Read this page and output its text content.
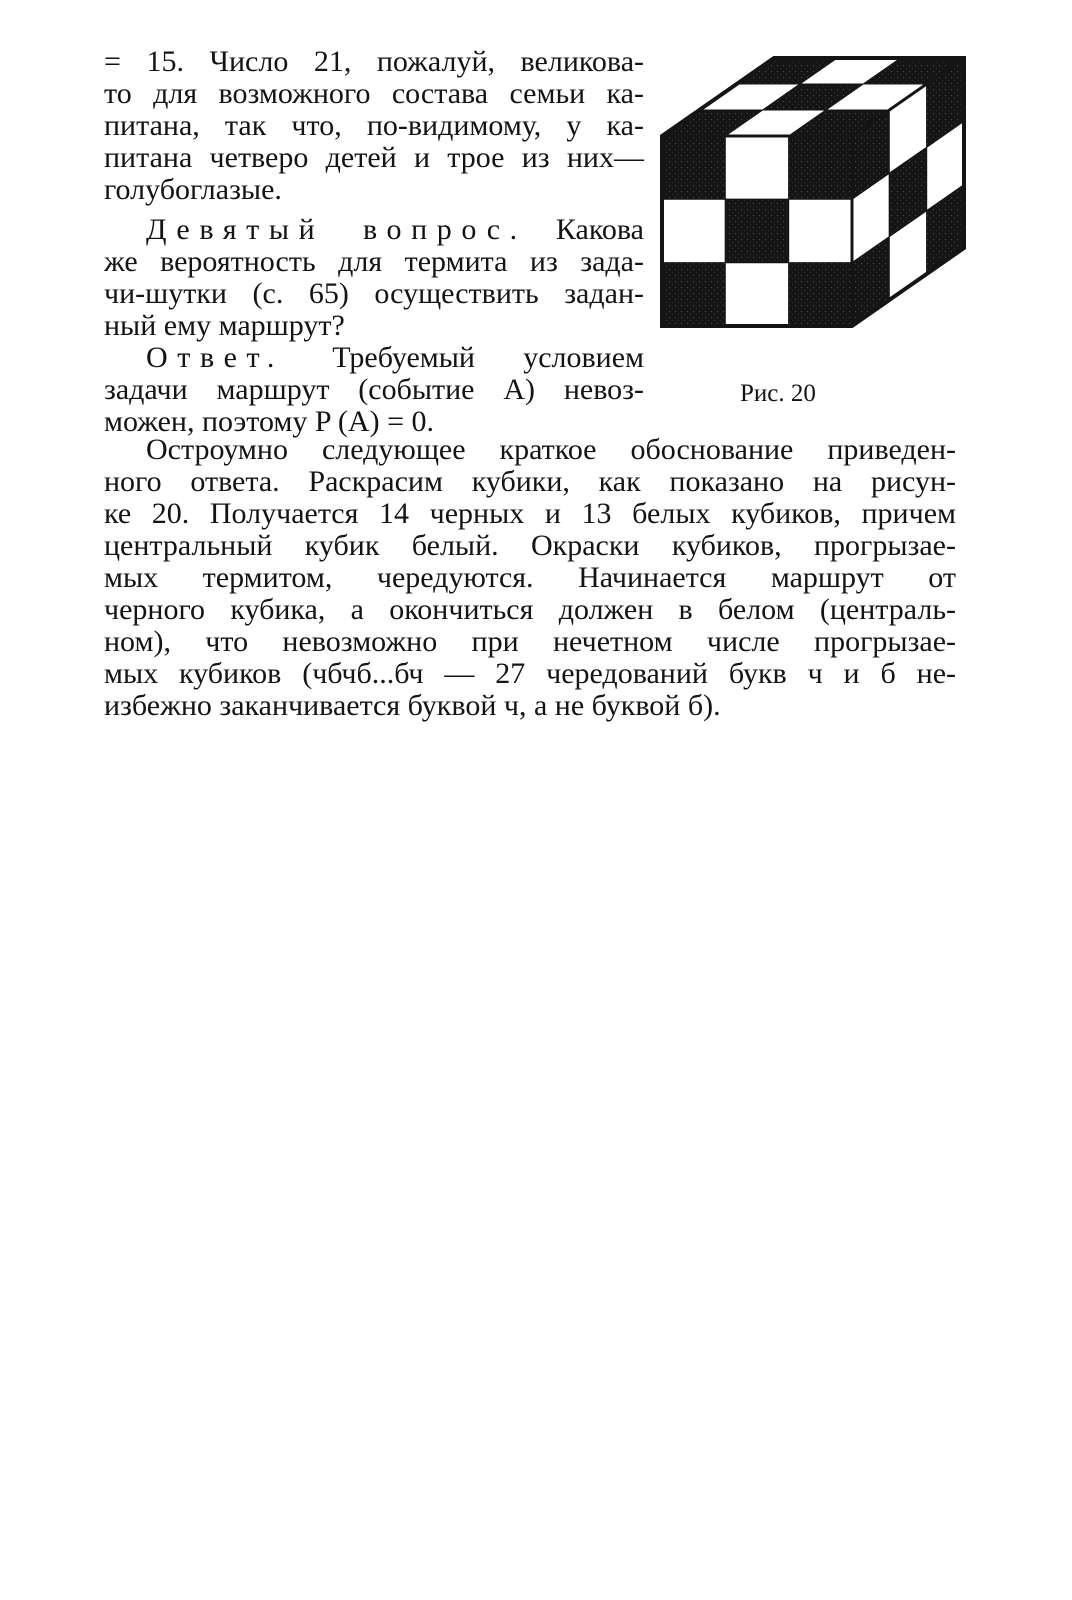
= 15. Число 21, пожалуй, великова-
то для возможного состава семьи ка-
питана, так что, по-видимому, у ка-
питана четверо детей и трое из них—
голубоглазые.
Девятый вопрос. Какова
же вероятность для термита из зада-
чи-шутки (с. 65) осуществить задан-
ный ему маршрут?
Ответ. Требуемый условием
задачи маршрут (событие A) невоз-
можен, поэтому P (A) = 0.
Рис. 20
Остроумно следующее краткое обоснование приведен-
ного ответа. Раскрасим кубики, как показано на рисун-
ке 20. Получается 14 черных и 13 белых кубиков, причем
центральный кубик белый. Окраски кубиков, прогрызае-
мых термитом, чередуются. Начинается маршрут от
черного кубика, а окончиться должен в белом (централь-
ном), что невозможно при нечетном числе прогрызае-
мых кубиков (чбчб...бч — 27 чередований букв ч и б не-
избежно заканчивается буквой ч, а не буквой б).
